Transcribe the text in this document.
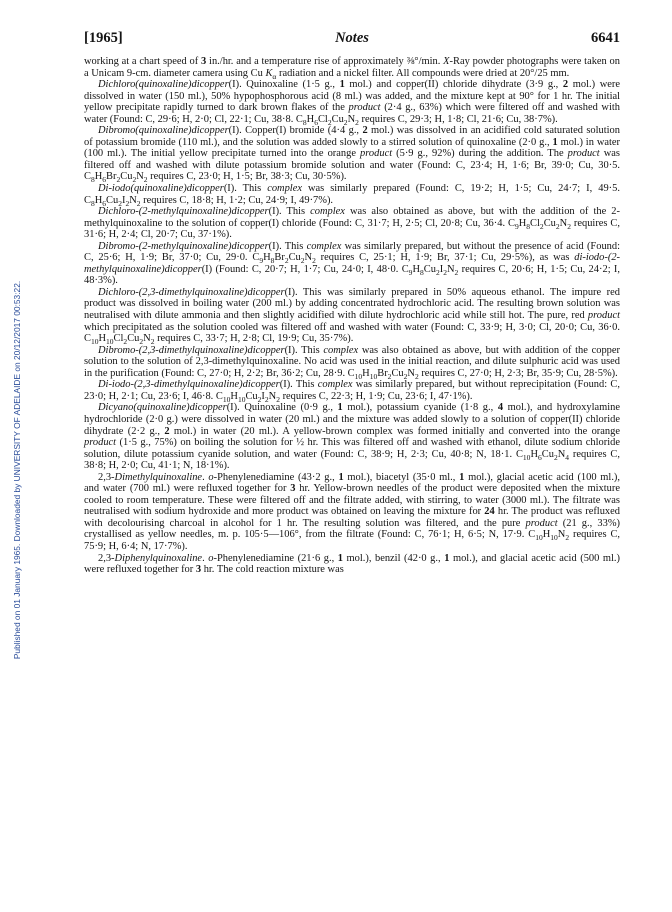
[1965]	Notes	6641
Published on 01 January 1965. Downloaded by UNIVERSITY OF ADELAIDE on 20/12/2017 00:53:22.

working at a chart speed of 3 in./hr. and a temperature rise of approximately ⅜°/min. X-Ray powder photographs were taken on a Unicam 9-cm. diameter camera using Cu $K_\alpha$ radiation and a nickel filter. All compounds were dried at 20°/25 mm.

Dichloro(quinoxaline)dicopper(I). Quinoxaline (1·5 g., 1 mol.) and copper(II) chloride dihydrate (3·9 g., 2 mol.) were dissolved in water (150 ml.), 50% hypophosphorous acid (8 ml.) was added, and the mixture kept at 90° for 1 hr. The initial yellow precipitate rapidly turned to dark brown flakes of the product (2·4 g., 63%) which were filtered off and washed with water (Found: C, 29·6; H, 2·0; Cl, 22·1; Cu, 38·8. $C_8H_6Cl_2Cu_2N_2$ requires C, 29·3; H, 1·8; Cl, 21·6; Cu, 38·7%).

Dibromo(quinoxaline)dicopper(I). Copper(I) bromide (4·4 g., 2 mol.) was dissolved in an acidified cold saturated solution of potassium bromide (110 ml.), and the solution was added slowly to a stirred solution of quinoxaline (2·0 g., 1 mol.) in water (100 ml.). The initial yellow precipitate turned into the orange product (5·9 g., 92%) during the addition. The product was filtered off and washed with dilute potassium bromide solution and water (Found: C, 23·4; H, 1·6; Br, 39·0; Cu, 30·5. $C_8H_6Br_2Cu_2N_2$ requires C, 23·0; H, 1·5; Br, 38·3; Cu, 30·5%).

Di-iodo(quinoxaline)dicopper(I). This complex was similarly prepared (Found: C, 19·2; H, 1·5; Cu, 24·7; I, 49·5. $C_8H_6Cu_2I_2N_2$ requires C, 18·8; H, 1·2; Cu, 24·9; I, 49·7%).

Dichloro-(2-methylquinoxaline)dicopper(I). This complex was also obtained as above, but with the addition of the 2-methylquinoxaline to the solution of copper(I) chloride (Found: C, 31·7; H, 2·5; Cl, 20·8; Cu, 36·4. $C_9H_8Cl_2Cu_2N_2$ requires C, 31·6; H, 2·4; Cl, 20·7; Cu, 37·1%).

Dibromo-(2-methylquinoxaline)dicopper(I). This complex was similarly prepared, but without the presence of acid (Found: C, 25·6; H, 1·9; Br, 37·0; Cu, 29·0. $C_9H_8Br_2Cu_2N_2$ requires C, 25·1; H, 1·9; Br, 37·1; Cu, 29·5%), as was di-iodo-(2-methylquinoxaline)dicopper(I) (Found: C, 20·7; H, 1·7; Cu, 24·0; I, 48·0. $C_9H_8Cu_2I_2N_2$ requires C, 20·6; H, 1·5; Cu, 24·2; I, 48·3%).

Dichloro-(2,3-dimethylquinoxaline)dicopper(I). This was similarly prepared in 50% aqueous ethanol. The impure red product was dissolved in boiling water (200 ml.) by adding concentrated hydrochloric acid. The resulting brown solution was neutralised with dilute ammonia and then slightly acidified with dilute hydrochloric acid while still hot. The pure, red product which precipitated as the solution cooled was filtered off and washed with water (Found: C, 33·9; H, 3·0; Cl, 20·0; Cu, 36·0. $C_{10}H_{10}Cl_2Cu_2N_2$ requires C, 33·7; H, 2·8; Cl, 19·9; Cu, 35·7%).

Dibromo-(2,3-dimethylquinoxaline)dicopper(I). This complex was also obtained as above, but with addition of the copper solution to the solution of 2,3-dimethylquinoxaline. No acid was used in the initial reaction, and dilute sulphuric acid was used in the purification (Found: C, 27·0; H, 2·2; Br, 36·2; Cu, 28·9. $C_{10}H_{10}Br_2Cu_2N_2$ requires C, 27·0; H, 2·3; Br, 35·9; Cu, 28·5%).

Di-iodo-(2,3-dimethylquinoxaline)dicopper(I). This complex was similarly prepared, but without reprecipitation (Found: C, 23·0; H, 2·1; Cu, 23·6; I, 46·8. $C_{10}H_{10}Cu_2I_2N_2$ requires C, 22·3; H, 1·9; Cu, 23·6; I, 47·1%).

Dicyano(quinoxaline)dicopper(I). Quinoxaline (0·9 g., 1 mol.), potassium cyanide (1·8 g., 4 mol.), and hydroxylamine hydrochloride (2·0 g.) were dissolved in water (20 ml.) and the mixture was added slowly to a solution of copper(II) chloride dihydrate (2·2 g., 2 mol.) in water (20 ml.). A yellow-brown complex was formed initially and converted into the orange product (1·5 g., 75%) on boiling the solution for ½ hr. This was filtered off and washed with ethanol, dilute sodium chloride solution, dilute potassium cyanide solution, and water (Found: C, 38·9; H, 2·3; Cu, 40·8; N, 18·1. $C_{10}H_6Cu_2N_4$ requires C, 38·8; H, 2·0; Cu, 41·1; N, 18·1%).

2,3-Dimethylquinoxaline. o-Phenylenediamine (43·2 g., 1 mol.), biacetyl (35·0 ml., 1 mol.), glacial acetic acid (100 ml.), and water (700 ml.) were refluxed together for 3 hr. Yellow-brown needles of the product were deposited when the mixture cooled to room temperature. These were filtered off and the filtrate added, with stirring, to water (3000 ml.). The filtrate was neutralised with sodium hydroxide and more product was obtained on leaving the mixture for 24 hr. The product was refluxed with decolourising charcoal in alcohol for 1 hr. The resulting solution was filtered, and the pure product (21 g., 33%) crystallised as yellow needles, m. p. 105·5—106°, from the filtrate (Found: C, 76·1; H, 6·5; N, 17·9. $C_{10}H_{10}N_2$ requires C, 75·9; H, 6·4; N, 17·7%).

2,3-Diphenylquinoxaline. o-Phenylenediamine (21·6 g., 1 mol.), benzil (42·0 g., 1 mol.), and glacial acetic acid (500 ml.) were refluxed together for 3 hr. The cold reaction mixture was
